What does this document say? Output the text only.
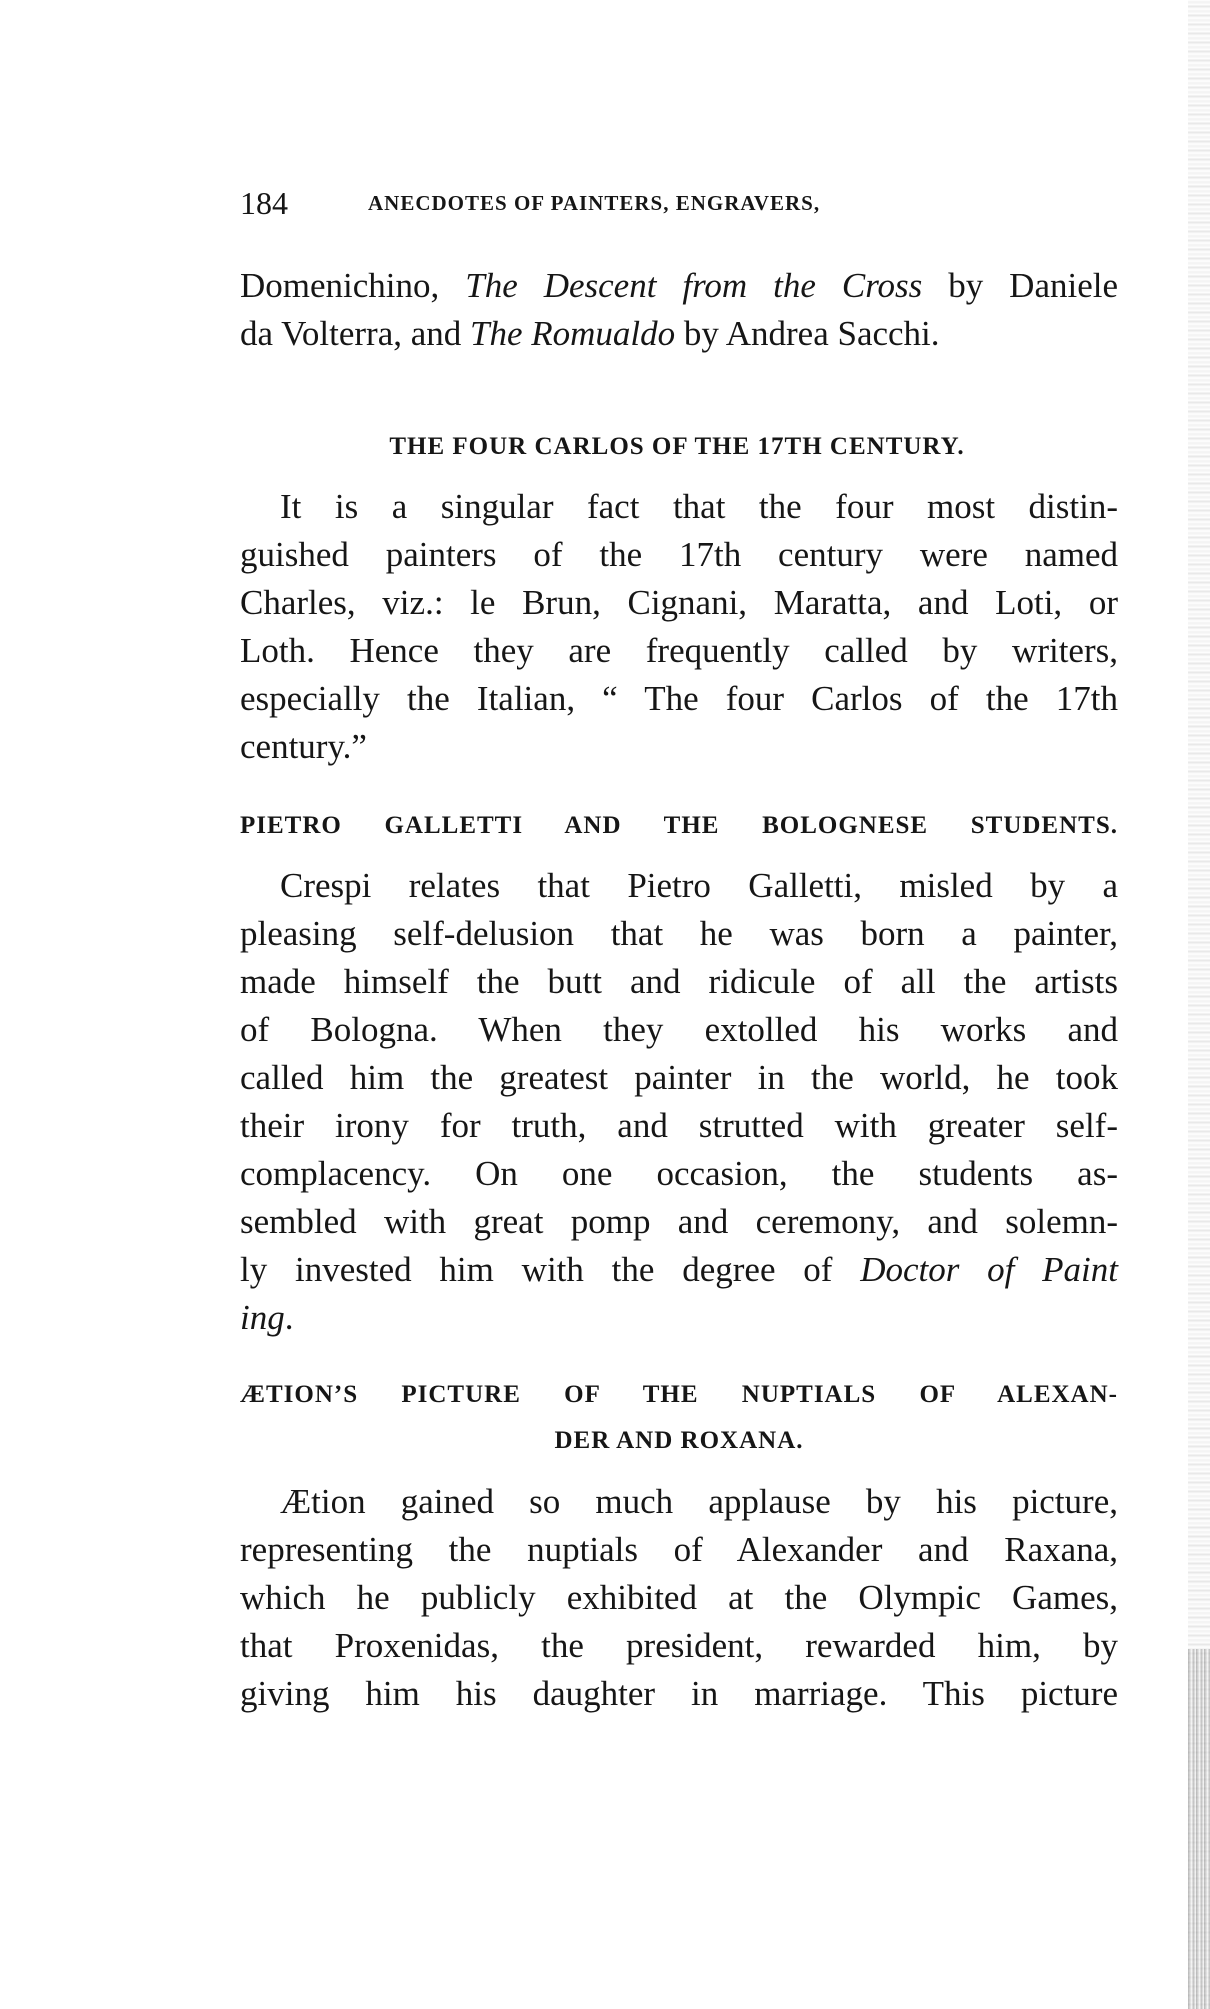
184	ANECDOTES OF PAINTERS, ENGRAVERS,
Domenichino, The Descent from the Cross by Daniele
da Volterra, and The Romualdo by Andrea Sacchi.
THE FOUR CARLOS OF THE 17TH CENTURY.
It is a singular fact that the four most distin-
guished painters of the 17th century were named
Charles, viz.: le Brun, Cignani, Maratta, and Loti, or
Loth. Hence they are frequently called by writers,
especially the Italian, “ The four Carlos of the 17th
century.”
PIETRO GALLETTI AND THE BOLOGNESE STUDENTS.
Crespi relates that Pietro Galletti, misled by a
pleasing self-delusion that he was born a painter,
made himself the butt and ridicule of all the artists
of Bologna. When they extolled his works and
called him the greatest painter in the world, he took
their irony for truth, and strutted with greater self-
complacency. On one occasion, the students as-
sembled with great pomp and ceremony, and solemn-
ly invested him with the degree of Doctor of Paint
ing.
ÆTION’S PICTURE OF THE NUPTIALS OF ALEXAN-
DER AND ROXANA.
Ætion gained so much applause by his picture,
representing the nuptials of Alexander and Raxana,
which he publicly exhibited at the Olympic Games,
that Proxenidas, the president, rewarded him, by
giving him his daughter in marriage. This picture
